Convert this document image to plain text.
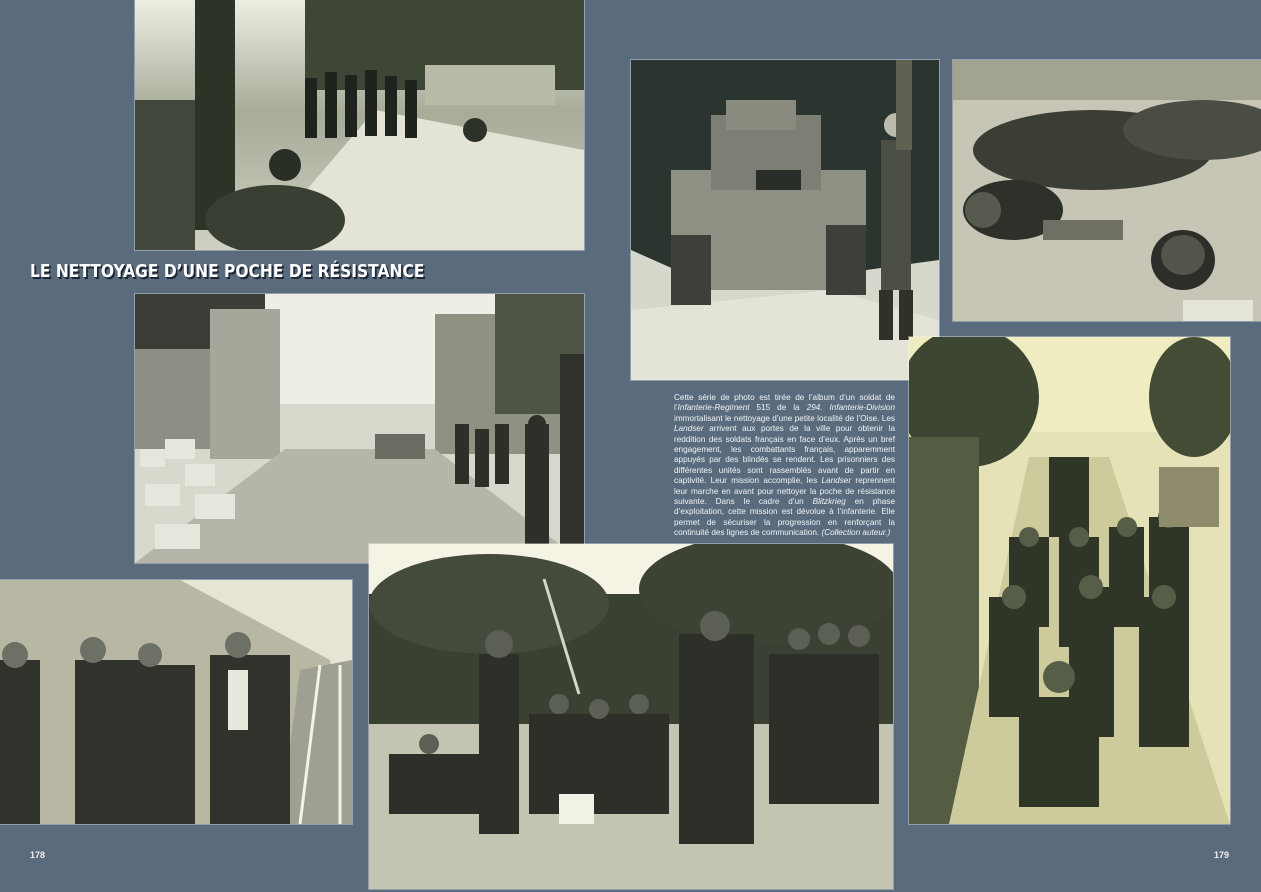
LE NETTOYAGE D’UNE POCHE DE RÉSISTANCE
Cette série de photo est tirée de l’album d’un soldat de l’Infanterie-Regiment 515 de la 294. Infanterie-Division immortalisant le nettoyage d’une petite localité de l’Oise. Les Landser arrivent aux portes de la ville pour obtenir la reddition des soldats français en face d’eux. Après un bref engagement, les combattants français, apparemment appuyés par des blindés se rendent. Les prisonniers des différentes unités sont rassemblés avant de partir en captivité. Leur mission accomplie, les Landser reprennent leur marche en avant pour nettoyer la poche de résistance suivante. Dans le cadre d’un Blitzkrieg en phase d’exploitation, cette mission est dévolue à l’infanterie. Elle permet de sécuriser la progression en renforçant la continuité des lignes de communication. (Collection auteur.)
178	179
